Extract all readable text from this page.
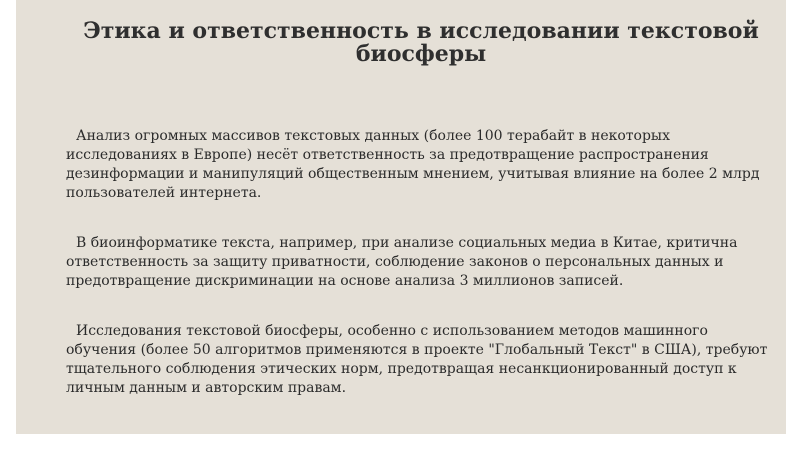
Этика и ответственность в исследовании текстовой биосферы

Анализ огромных массивов текстовых данных (более 100 терабайт в некоторых исследованиях в Европе) несёт ответственность за предотвращение распространения дезинформации и манипуляций общественным мнением, учитывая влияние на более 2 млрд пользователей интернета.

В биоинформатике текста, например, при анализе социальных медиа в Китае, критична ответственность за защиту приватности, соблюдение законов о персональных данных и предотвращение дискриминации на основе анализа 3 миллионов записей.

Исследования текстовой биосферы, особенно с использованием методов машинного обучения (более 50 алгоритмов применяются в проекте "Глобальный Текст" в США), требуют тщательного соблюдения этических норм, предотвращая несанкционированный доступ к личным данным и авторским правам.
